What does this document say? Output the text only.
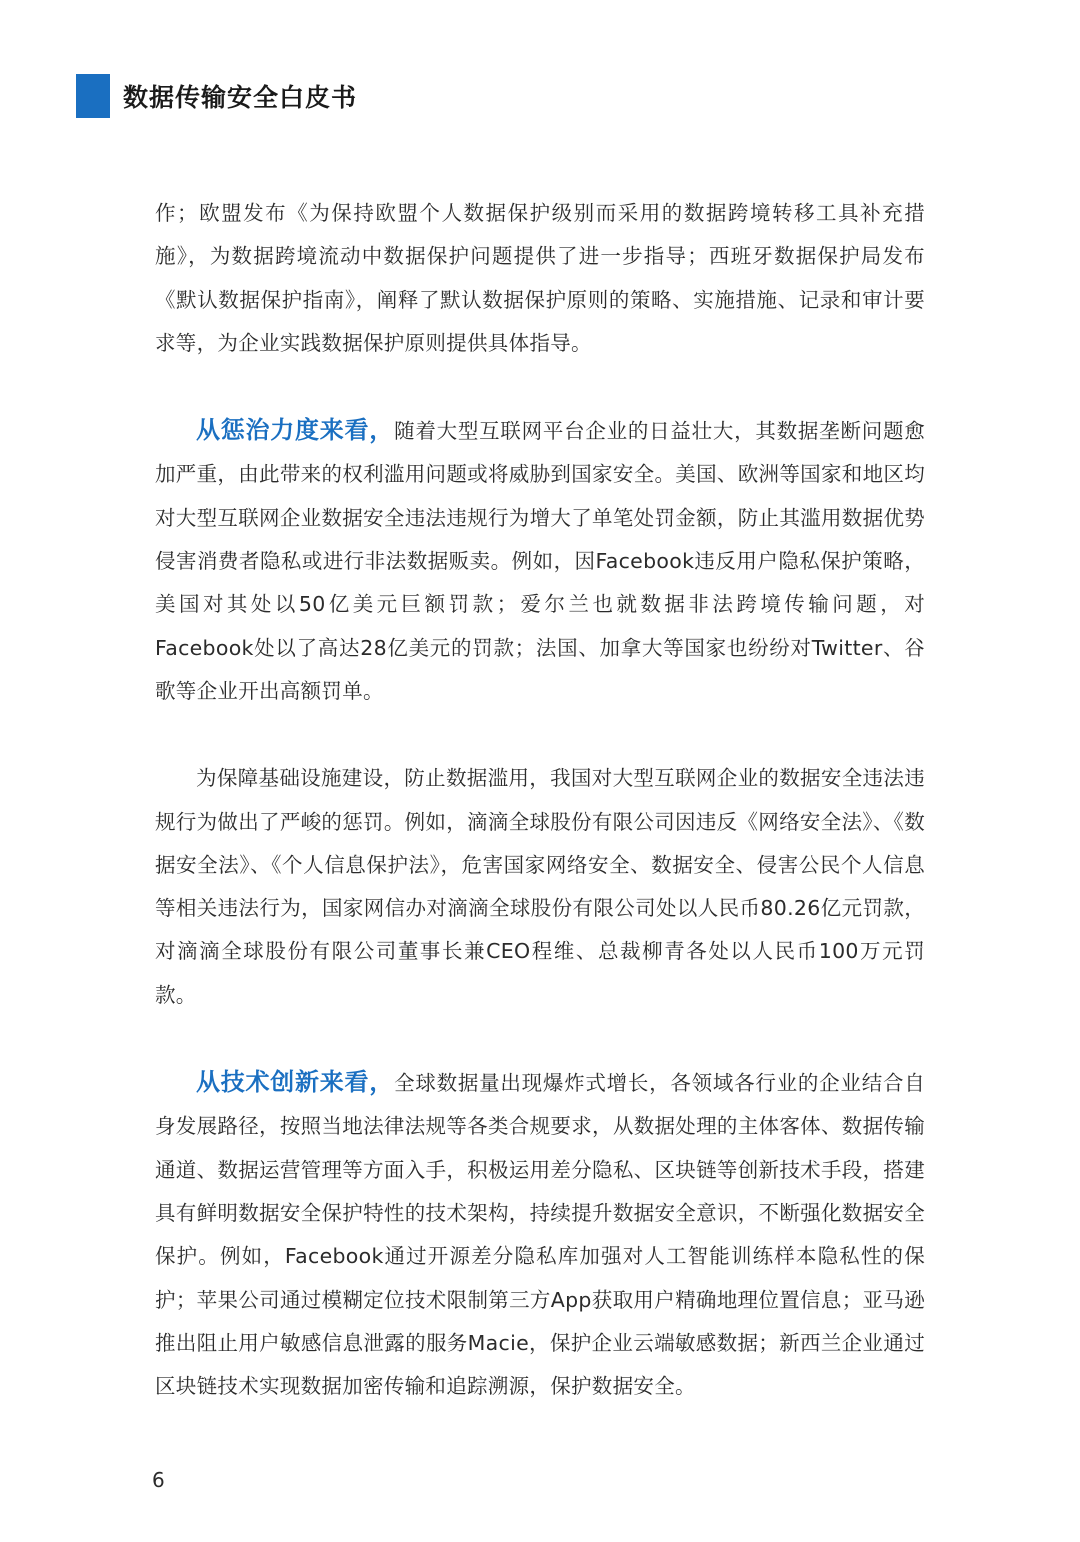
数据传输安全白皮书

作；欧盟发布《为保持欧盟个人数据保护级别而采用的数据跨境转移工具补充措施》，为数据跨境流动中数据保护问题提供了进一步指导；西班牙数据保护局发布《默认数据保护指南》，阐释了默认数据保护原则的策略、实施措施、记录和审计要求等，为企业实践数据保护原则提供具体指导。

从惩治力度来看，随着大型互联网平台企业的日益壮大，其数据垄断问题愈加严重，由此带来的权利滥用问题或将威胁到国家安全。美国、欧洲等国家和地区均对大型互联网企业数据安全违法违规行为增大了单笔处罚金额，防止其滥用数据优势侵害消费者隐私或进行非法数据贩卖。例如，因Facebook违反用户隐私保护策略，美国对其处以50亿美元巨额罚款；爱尔兰也就数据非法跨境传输问题，对Facebook处以了高达28亿美元的罚款；法国、加拿大等国家也纷纷对Twitter、谷歌等企业开出高额罚单。

为保障基础设施建设，防止数据滥用，我国对大型互联网企业的数据安全违法违规行为做出了严峻的惩罚。例如，滴滴全球股份有限公司因违反《网络安全法》、《数据安全法》、《个人信息保护法》，危害国家网络安全、数据安全、侵害公民个人信息等相关违法行为，国家网信办对滴滴全球股份有限公司处以人民币80.26亿元罚款，对滴滴全球股份有限公司董事长兼CEO程维、总裁柳青各处以人民币100万元罚款。

从技术创新来看，全球数据量出现爆炸式增长，各领域各行业的企业结合自身发展路径，按照当地法律法规等各类合规要求，从数据处理的主体客体、数据传输通道、数据运营管理等方面入手，积极运用差分隐私、区块链等创新技术手段，搭建具有鲜明数据安全保护特性的技术架构，持续提升数据安全意识，不断强化数据安全保护。例如，Facebook通过开源差分隐私库加强对人工智能训练样本隐私性的保护；苹果公司通过模糊定位技术限制第三方App获取用户精确地理位置信息；亚马逊推出阻止用户敏感信息泄露的服务Macie，保护企业云端敏感数据；新西兰企业通过区块链技术实现数据加密传输和追踪溯源，保护数据安全。

6
